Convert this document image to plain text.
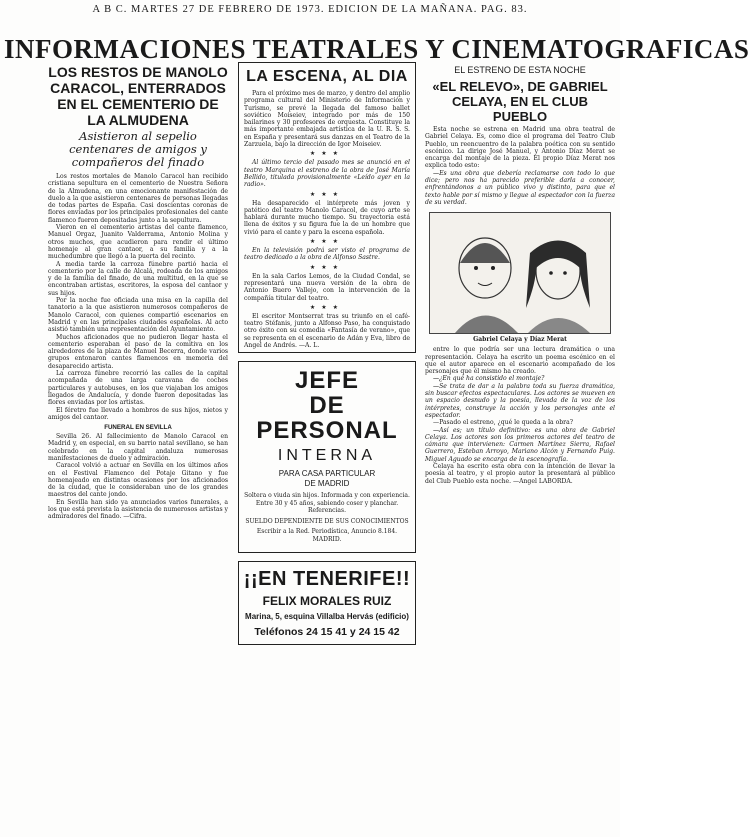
A B C. MARTES 27 DE FEBRERO DE 1973. EDICION DE LA MAÑANA. PAG. 83.
INFORMACIONES TEATRALES Y CINEMATOGRAFICAS
LOS RESTOS DE MANOLO CARACOL, ENTERRADOS EN EL CEMENTERIO DE LA ALMUDENA
Asistieron al sepelio centenares de amigos y compañeros del finado

Los restos mortales de Manolo Caracol han recibido cristiana sepultura en el cementerio de Nuestra Señora de la Almudena, en una emocionante manifestación de duelo a la que asistieron centenares de personas llegadas de todas partes de España. Casi doscientas coronas de flores enviadas por los principales profesionales del cante flamenco fueron depositadas junto a la sepultura.

Vieron en el cementerio artistas del cante flamenco, Manuel Orgaz, Juanito Valderrama, Antonio Molina y otros muchos, que acudieron para rendir el último homenaje al gran cantaor, a su familia y a la muchedumbre que llegó a la puerta del recinto.

A media tarde la carroza fúnebre partió hacia el cementerio por la calle de Alcalá, rodeada de los amigos y de la familia del finado, de una multitud, en la que se encontraban artistas, escritores, la esposa del cantaor y sus hijos.

Por la noche fue oficiada una misa en la capilla del tanatorio a la que asistieron numerosos compañeros de Manolo Caracol, con quienes compartió escenarios en Madrid y en las principales ciudades españolas. Al acto asistió también una representación del Ayuntamiento.

Muchos aficionados que no pudieron llegar hasta el cementerio esperaban el paso de la comitiva en los alrededores de la plaza de Manuel Becerra, donde varios grupos entonaron cantes flamencos en memoria del desaparecido artista.

La carroza fúnebre recorrió las calles de la capital acompañada de una larga caravana de coches particulares y autobuses, en los que viajaban los amigos llegados de Andalucía, y donde fueron depositadas las flores enviadas por los artistas.

El féretro fue llevado a hombros de sus hijos, nietos y amigos del cantaor.

FUNERAL EN SEVILLA

Sevilla 26. Al fallecimiento de Manolo Caracol en Madrid y, en especial, en su barrio natal sevillano, se han celebrado en la capital andaluza numerosas manifestaciones de duelo y admiración.

Caracol volvió a actuar en Sevilla en los últimos años en el Festival Flamenco del Potaje Gitano y fue homenajeado en distintas ocasiones por los aficionados de la ciudad, que le consideraban uno de los grandes maestros del cante jondo.

En Sevilla han sido ya anunciados varios funerales, a los que está prevista la asistencia de numerosos artistas y admiradores del finado. —Cifra.

LA ESCENA, AL DIA

Para el próximo mes de marzo, y dentro del amplio programa cultural del Ministerio de Información y Turismo, se prevé la llegada del famoso ballet soviético Moiseiev, integrado por más de 150 bailarines y 30 profesores de orquesta. Constituye la más importante embajada artística de la U. R. S. S. en España y presentará sus danzas en el Teatro de la Zarzuela, bajo la dirección de Igor Moiseiev.

★★★

Al último tercio del pasado mes se anunció en el teatro Marquina el estreno de la obra de José María Bellido, titulada provisionalmente «Leído ayer en la radio».

★★★

Ha desaparecido el intérprete más joven y patético del teatro Manolo Caracol, de cuyo arte se hablará durante mucho tiempo. Su trayectoria está llena de éxitos y su figura fue la de un hombre que vivió para el cante y para la escena española.

★★★

En la televisión podrá ser visto el programa de teatro dedicado a la obra de Alfonso Sastre.

★★★

En la sala Carlos Lemos, de la Ciudad Condal, se representará una nueva versión de la obra de Antonio Buero Vallejo, con la intervención de la compañía titular del teatro.

★★★

El escritor Montserrat tras su triunfo en el café-teatro Stéfanis, junto a Alfonso Paso, ha conquistado otro éxito con su comedia «Fantasía de verano», que se representa en el escenario de Adán y Eva, libro de Angel de Andrés. —A. L.

JEFE
DE PERSONAL
INTERNA
PARA CASA PARTICULAR
DE MADRID
Soltera o viuda sin hijos. Informada y con experiencia. Entre 30 y 45 años, sabiendo coser y planchar. Referencias.
SUELDO DEPENDIENTE DE SUS CONOCIMIENTOS
Escribir a la Red. Periodística, Anuncio 8.184. MADRID.
¡¡EN TENERIFE!!
FELIX MORALES RUIZ
Marina, 5, esquina Villalba Hervás (edificio)
Teléfonos 24 15 41 y 24 15 42
EL ESTRENO DE ESTA NOCHE
«EL RELEVO», DE GABRIEL CELAYA, EN EL CLUB PUEBLO

Esta noche se estrena en Madrid una obra teatral de Gabriel Celaya. Es, como dice el programa del Teatro Club Pueblo, un reencuentro de la palabra poética con su sentido escénico. La dirige José Manuel, y Antonio Díaz Merat se encarga del montaje de la pieza. El propio Díaz Merat nos explica todo esto:

—Es una obra que debería reclamarse con todo lo que dice; pero nos ha parecido preferible darla a conocer, enfrentándonos a un público vivo y distinto, para que el texto hable por sí mismo y llegue al espectador con la fuerza de su verdad.

Gabriel Celaya y Díaz Merat

entre lo que podría ser una lectura dramática o una representación. Celaya ha escrito un poema escénico en el que el autor aparece en el escenario acompañado de los personajes que él mismo ha creado.

—¿En qué ha consistido el montaje?

—Se trata de dar a la palabra toda su fuerza dramática, sin buscar efectos espectaculares. Los actores se mueven en un espacio desnudo y la poesía, llevada de la voz de los intérpretes, construye la acción y los personajes ante el espectador.

—Pasado el estreno, ¿qué le queda a la obra?

—Así es; un título definitivo: es una obra de Gabriel Celaya. Los actores son los primeros actores del teatro de cámara que intervienen: Carmen Martínez Sierra, Rafael Guerrero, Esteban Arroyo, Mariano Alcón y Fernando Puig. Miguel Aguado se encarga de la escenografía.

Celaya ha escrito esta obra con la intención de llevar la poesía al teatro, y el propio autor la presentará al público del Club Pueblo esta noche. —Angel LABORDA.
